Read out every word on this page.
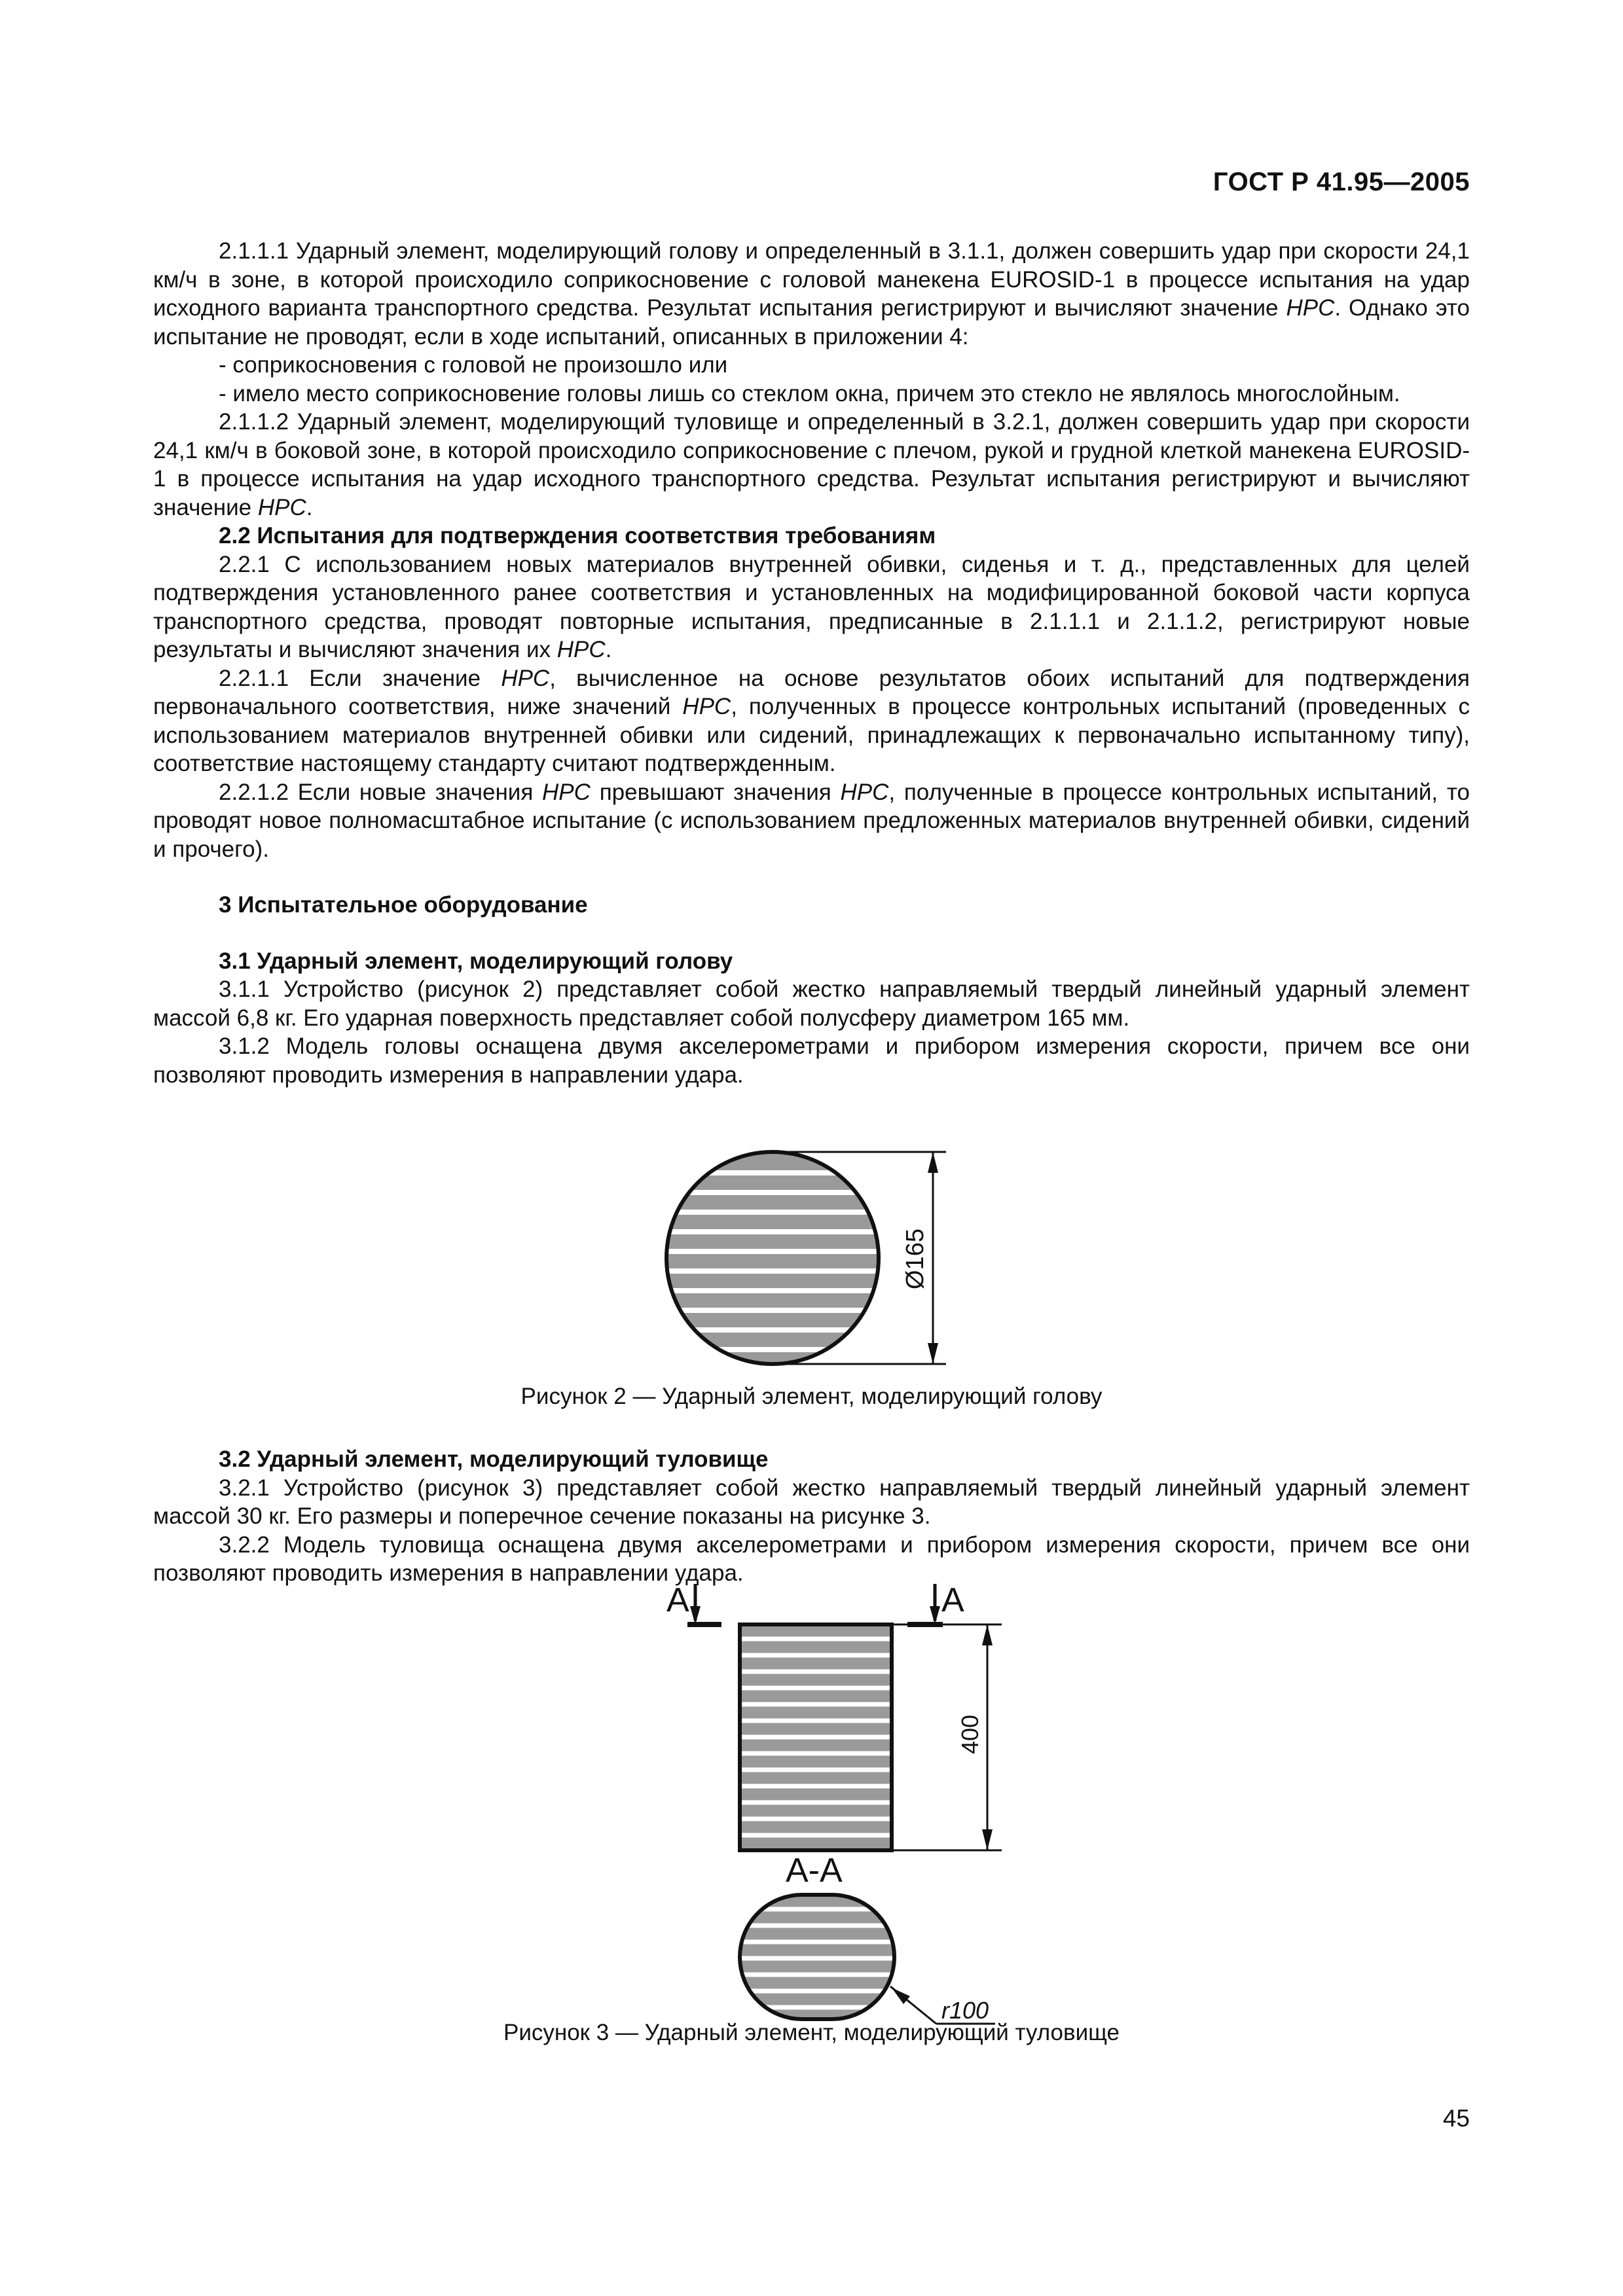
ГОСТ Р 41.95—2005

2.1.1.1 Ударный элемент, моделирующий голову и определенный в 3.1.1, должен совершить удар при скорости 24,1 км/ч в зоне, в которой происходило соприкосновение с головой манекена EUROSID-1 в процессе испытания на удар исходного варианта транспортного средства. Результат испытания регистрируют и вычисляют значение HPC. Однако это испытание не проводят, если в ходе испытаний, описанных в приложении 4:

- соприкосновения с головой не произошло или

- имело место соприкосновение головы лишь со стеклом окна, причем это стекло не являлось многослойным.

2.1.1.2 Ударный элемент, моделирующий туловище и определенный в 3.2.1, должен совершить удар при скорости 24,1 км/ч в боковой зоне, в которой происходило соприкосновение с плечом, рукой и грудной клеткой манекена EUROSID-1 в процессе испытания на удар исходного транспортного средства. Результат испытания регистрируют и вычисляют значение HPC.

2.2 Испытания для подтверждения соответствия требованиям

2.2.1 С использованием новых материалов внутренней обивки, сиденья и т. д., представленных для целей подтверждения установленного ранее соответствия и установленных на модифицированной боковой части корпуса транспортного средства, проводят повторные испытания, предписанные в 2.1.1.1 и 2.1.1.2, регистрируют новые результаты и вычисляют значения их HPC.

2.2.1.1 Если значение HPC, вычисленное на основе результатов обоих испытаний для подтверждения первоначального соответствия, ниже значений HPC, полученных в процессе контрольных испытаний (проведенных с использованием материалов внутренней обивки или сидений, принадлежащих к первоначально испытанному типу), соответствие настоящему стандарту считают подтвержденным.

2.2.1.2 Если новые значения HPC превышают значения HPC, полученные в процессе контрольных испытаний, то проводят новое полномасштабное испытание (с использованием предложенных материалов внутренней обивки, сидений и прочего).

3 Испытательное оборудование

3.1 Ударный элемент, моделирующий голову

3.1.1 Устройство (рисунок 2) представляет собой жестко направляемый твердый линейный ударный элемент массой 6,8 кг. Его ударная поверхность представляет собой полусферу диаметром 165 мм.

3.1.2 Модель головы оснащена двумя акселерометрами и прибором измерения скорости, причем все они позволяют проводить измерения в направлении удара.

Ø165
Рисунок 2 — Ударный элемент, моделирующий голову

3.2 Ударный элемент, моделирующий туловище

3.2.1 Устройство (рисунок 3) представляет собой жестко направляемый твердый линейный ударный элемент массой 30 кг. Его размеры и поперечное сечение показаны на рисунке 3.

3.2.2 Модель туловища оснащена двумя акселерометрами и прибором измерения скорости, причем все они позволяют проводить измерения в направлении удара.

А	А
400
А-А
r100
Рисунок 3 — Ударный элемент, моделирующий туловище
45
